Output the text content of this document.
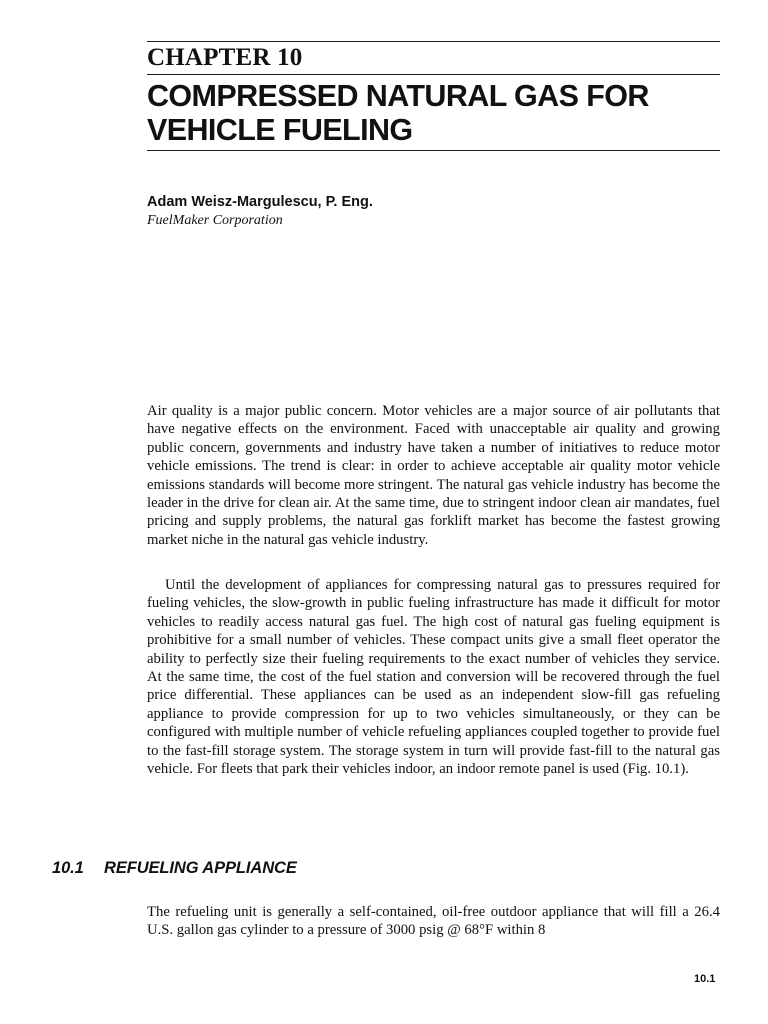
CHAPTER 10
COMPRESSED NATURAL GAS FOR
VEHICLE FUELING
Adam Weisz-Margulescu, P. Eng.
FuelMaker Corporation

Air quality is a major public concern. Motor vehicles are a major source of air pollutants that have negative effects on the environment. Faced with unacceptable air quality and growing public concern, governments and industry have taken a number of initiatives to reduce motor vehicle emissions. The trend is clear: in order to achieve acceptable air quality motor vehicle emissions standards will become more stringent. The natural gas vehicle industry has become the leader in the drive for clean air. At the same time, due to stringent indoor clean air mandates, fuel pricing and supply problems, the natural gas forklift market has become the fastest growing market niche in the natural gas vehicle industry.

Until the development of appliances for compressing natural gas to pressures required for fueling vehicles, the slow-growth in public fueling infrastructure has made it difficult for motor vehicles to readily access natural gas fuel. The high cost of natural gas fueling equipment is prohibitive for a small number of vehicles. These compact units give a small fleet operator the ability to perfectly size their fueling requirements to the exact number of vehicles they service. At the same time, the cost of the fuel station and conversion will be recovered through the fuel price differential. These appliances can be used as an independent slow-fill gas refueling appliance to provide compression for up to two vehicles simultaneously, or they can be configured with multiple number of vehicle refueling appliances coupled together to provide fuel to the fast-fill storage system. The storage system in turn will provide fast-fill to the natural gas vehicle. For fleets that park their vehicles indoor, an indoor remote panel is used (Fig. 10.1).

10.1 REFUELING APPLIANCE

The refueling unit is generally a self-contained, oil-free outdoor appliance that will fill a 26.4 U.S. gallon gas cylinder to a pressure of 3000 psig @ 68°F within 8

10.1
